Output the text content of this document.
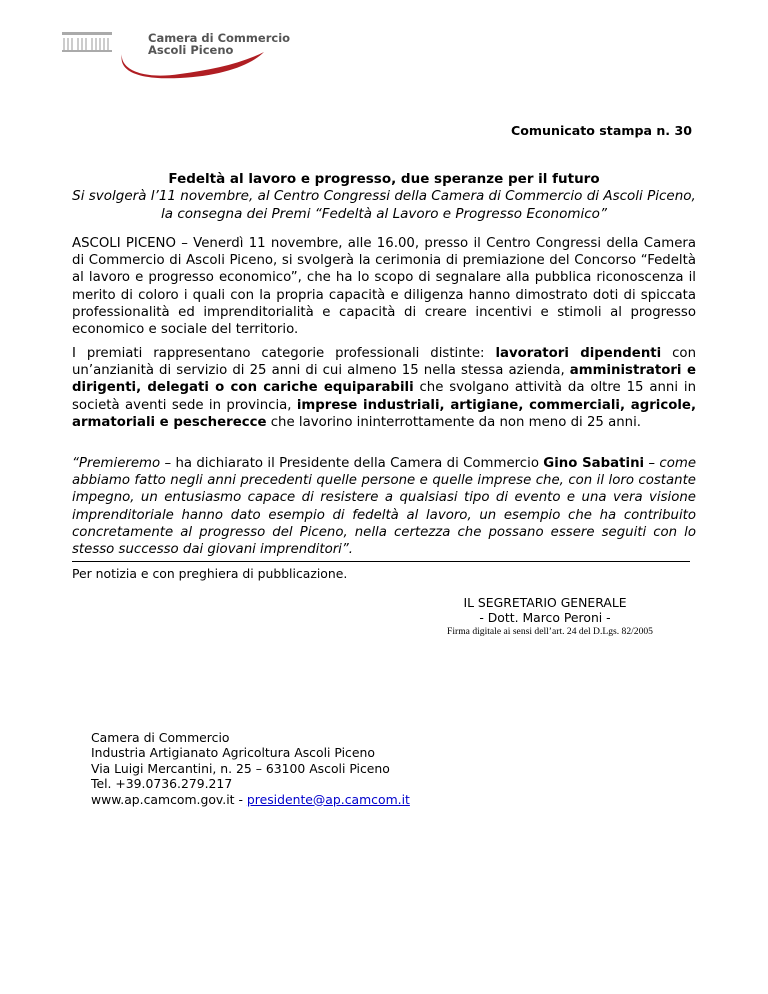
Camera di Commercio
Ascoli Piceno
Comunicato stampa n. 30
Fedeltà al lavoro e progresso, due speranze per il futuro
Si svolgerà l’11 novembre, al Centro Congressi della Camera di Commercio di Ascoli Piceno, la consegna dei Premi “Fedeltà al Lavoro e Progresso Economico”
ASCOLI PICENO – Venerdì 11 novembre, alle 16.00, presso il Centro Congressi della Camera di Commercio di Ascoli Piceno, si svolgerà la cerimonia di premiazione del Concorso “Fedeltà al lavoro e progresso economico”, che ha lo scopo di segnalare alla pubblica riconoscenza il merito di coloro i quali con la propria capacità e diligenza hanno dimostrato doti di spiccata professionalità ed imprenditorialità e capacità di creare incentivi e stimoli al progresso economico e sociale del territorio.
I premiati rappresentano categorie professionali distinte: lavoratori dipendenti con un’anzianità di servizio di 25 anni di cui almeno 15 nella stessa azienda, amministratori e dirigenti, delegati o con cariche equiparabili che svolgano attività da oltre 15 anni in società aventi sede in provincia, imprese industriali, artigiane, commerciali, agricole, armatoriali e pescherecce che lavorino ininterrottamente da non meno di 25 anni.
“Premieremo – ha dichiarato il Presidente della Camera di Commercio Gino Sabatini – come abbiamo fatto negli anni precedenti quelle persone e quelle imprese che, con il loro costante impegno, un entusiasmo capace di resistere a qualsiasi tipo di evento e una vera visione imprenditoriale hanno dato esempio di fedeltà al lavoro, un esempio che ha contribuito concretamente al progresso del Piceno, nella certezza che possano essere seguiti con lo stesso successo dai giovani imprenditori”.
Per notizia e con preghiera di pubblicazione.
IL SEGRETARIO GENERALE
- Dott. Marco Peroni -
Firma digitale ai sensi dell’art. 24 del D.Lgs. 82/2005
Camera di Commercio
Industria Artigianato Agricoltura Ascoli Piceno
Via Luigi Mercantini, n. 25 – 63100 Ascoli Piceno
Tel. +39.0736.279.217
www.ap.camcom.gov.it - presidente@ap.camcom.it
